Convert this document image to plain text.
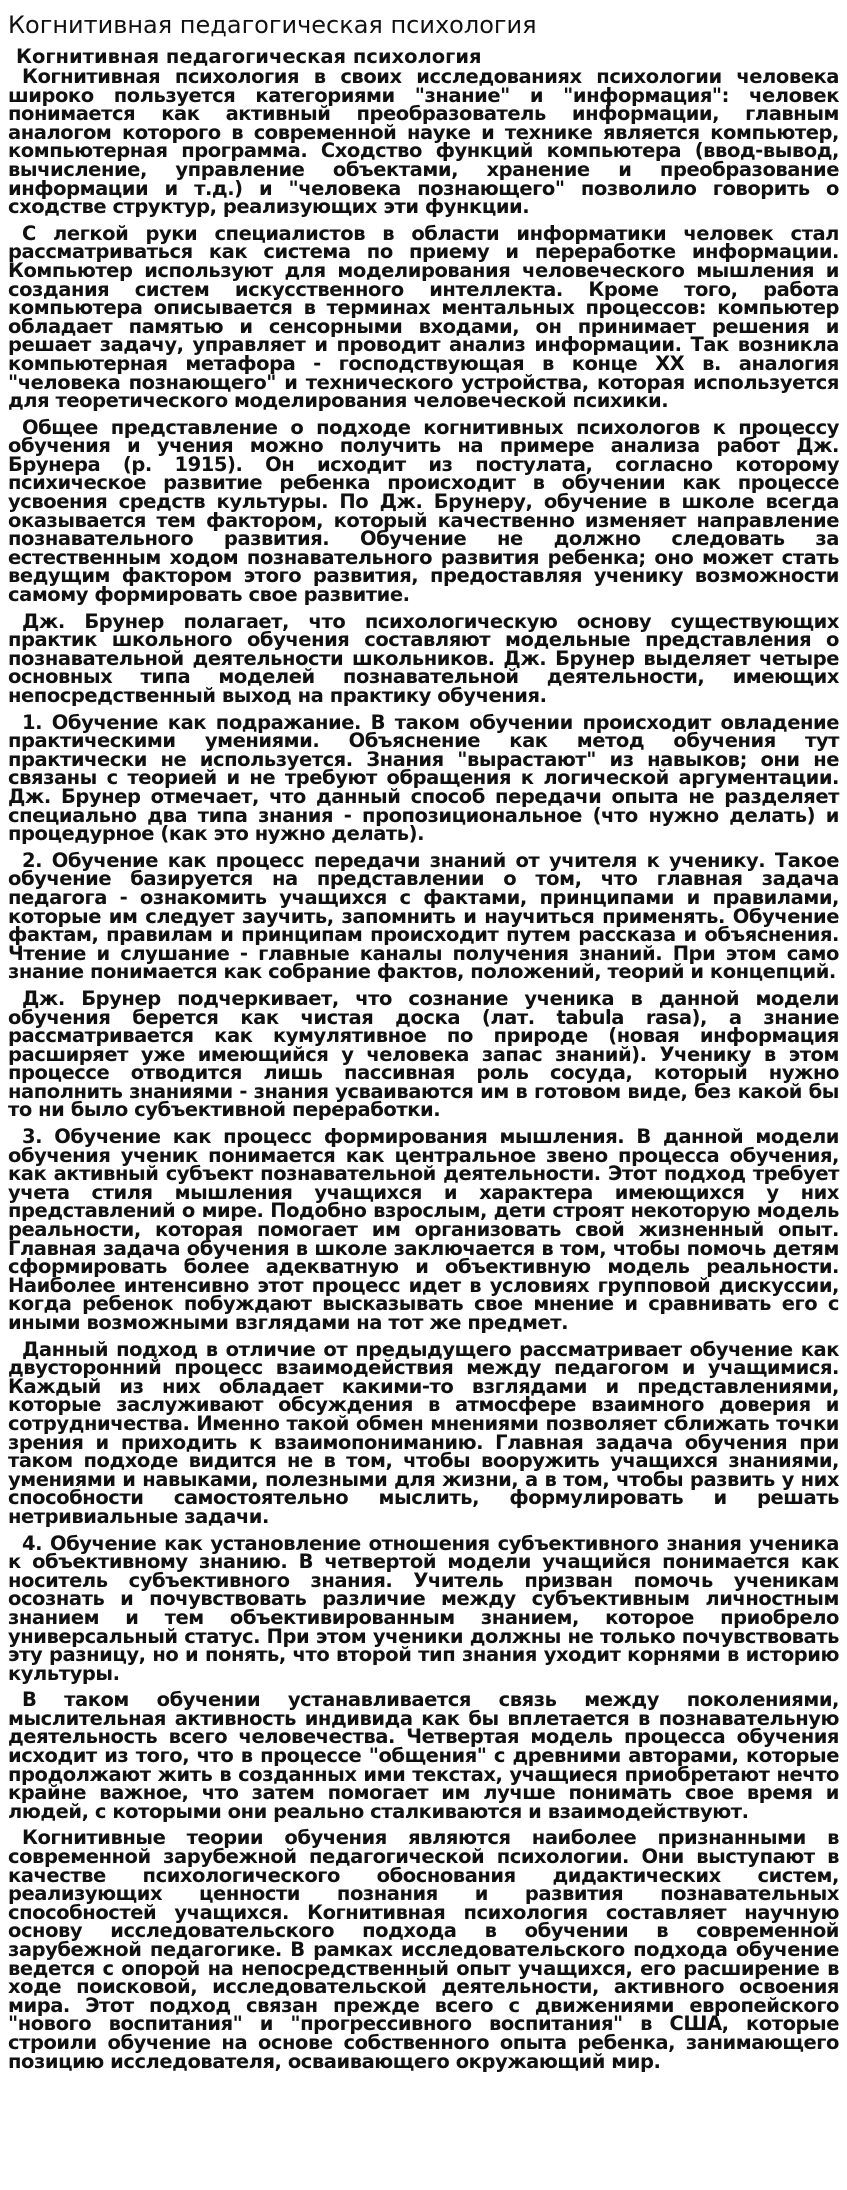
Когнитивная педагогическая психология
Когнитивная педагогическая психология

Когнитивная психология в своих исследованиях психологии человека широко пользуется категориями "знание" и "информация": человек понимается как активный преобразователь информации, главным аналогом которого в современной науке и технике является компьютер, компьютерная программа. Сходство функций компьютера (ввод-вывод, вычисление, управление объектами, хранение и преобразование информации и т.д.) и "человека познающего" позволило говорить о сходстве структур, реализующих эти функции.

С легкой руки специалистов в области информатики человек стал рассматриваться как система по приему и переработке информации. Компьютер используют для моделирования человеческого мышления и создания систем искусственного интеллекта. Кроме того, работа компьютера описывается в терминах ментальных процессов: компьютер обладает памятью и сенсорными входами, он принимает решения и решает задачу, управляет и проводит анализ информации. Так возникла компьютерная метафора - господствующая в конце XX в. аналогия "человека познающего" и технического устройства, которая используется для теоретического моделирования человеческой психики.

Общее представление о подходе когнитивных психологов к процессу обучения и учения можно получить на примере анализа работ Дж. Брунера (р. 1915). Он исходит из постулата, согласно которому психическое развитие ребенка происходит в обучении как процессе усвоения средств культуры. По Дж. Брунеру, обучение в школе всегда оказывается тем фактором, который качественно изменяет направление познавательного развития. Обучение не должно следовать за естественным ходом познавательного развития ребенка; оно может стать ведущим фактором этого развития, предоставляя ученику возможности самому формировать свое развитие.

Дж. Брунер полагает, что психологическую основу существующих практик школьного обучения составляют модельные представления о познавательной деятельности школьников. Дж. Брунер выделяет четыре основных типа моделей познавательной деятельности, имеющих непосредственный выход на практику обучения.

1. Обучение как подражание. В таком обучении происходит овладение практическими умениями. Объяснение как метод обучения тут практически не используется. Знания "вырастают" из навыков; они не связаны с теорией и не требуют обращения к логической аргументации. Дж. Брунер отмечает, что данный способ передачи опыта не разделяет специально два типа знания - пропозициональное (что нужно делать) и процедурное (как это нужно делать).

2. Обучение как процесс передачи знаний от учителя к ученику. Такое обучение базируется на представлении о том, что главная задача педагога - ознакомить учащихся с фактами, принципами и правилами, которые им следует заучить, запомнить и научиться применять. Обучение фактам, правилам и принципам происходит путем рассказа и объяснения. Чтение и слушание - главные каналы получения знаний. При этом само знание понимается как собрание фактов, положений, теорий и концепций.

Дж. Брунер подчеркивает, что сознание ученика в данной модели обучения берется как чистая доска (лат. tabula rasa), а знание рассматривается как кумулятивное по природе (новая информация расширяет уже имеющийся у человека запас знаний). Ученику в этом процессе отводится лишь пассивная роль сосуда, который нужно наполнить знаниями - знания усваиваются им в готовом виде, без какой бы то ни было субъективной переработки.

3. Обучение как процесс формирования мышления. В данной модели обучения ученик понимается как центральное звено процесса обучения, как активный субъект познавательной деятельности. Этот подход требует учета стиля мышления учащихся и характера имеющихся у них представлений о мире. Подобно взрослым, дети строят некоторую модель реальности, которая помогает им организовать свой жизненный опыт. Главная задача обучения в школе заключается в том, чтобы помочь детям сформировать более адекватную и объективную модель реальности. Наиболее интенсивно этот процесс идет в условиях групповой дискуссии, когда ребенок побуждают высказывать свое мнение и сравнивать его с иными возможными взглядами на тот же предмет.

Данный подход в отличие от предыдущего рассматривает обучение как двусторонний процесс взаимодействия между педагогом и учащимися. Каждый из них обладает какими-то взглядами и представлениями, которые заслуживают обсуждения в атмосфере взаимного доверия и сотрудничества. Именно такой обмен мнениями позволяет сближать точки зрения и приходить к взаимопониманию. Главная задача обучения при таком подходе видится не в том, чтобы вооружить учащихся знаниями, умениями и навыками, полезными для жизни, а в том, чтобы развить у них способности самостоятельно мыслить, формулировать и решать нетривиальные задачи.

4. Обучение как установление отношения субъективного знания ученика к объективному знанию. В четвертой модели учащийся понимается как носитель субъективного знания. Учитель призван помочь ученикам осознать и почувствовать различие между субъективным личностным знанием и тем объективированным знанием, которое приобрело универсальный статус. При этом ученики должны не только почувствовать эту разницу, но и понять, что второй тип знания уходит корнями в историю культуры.

В таком обучении устанавливается связь между поколениями, мыслительная активность индивида как бы вплетается в познавательную деятельность всего человечества. Четвертая модель процесса обучения исходит из того, что в процессе "общения" с древними авторами, которые продолжают жить в созданных ими текстах, учащиеся приобретают нечто крайне важное, что затем помогает им лучше понимать свое время и людей, с которыми они реально сталкиваются и взаимодействуют.

Когнитивные теории обучения являются наиболее признанными в современной зарубежной педагогической психологии. Они выступают в качестве психологического обоснования дидактических систем, реализующих ценности познания и развития познавательных способностей учащихся. Когнитивная психология составляет научную основу исследовательского подхода в обучении в современной зарубежной педагогике. В рамках исследовательского подхода обучение ведется с опорой на непосредственный опыт учащихся, его расширение в ходе поисковой, исследовательской деятельности, активного освоения мира. Этот подход связан прежде всего с движениями европейского "нового воспитания" и "прогрессивного воспитания" в США, которые строили обучение на основе собственного опыта ребенка, занимающего позицию исследователя, осваивающего окружающий мир.
